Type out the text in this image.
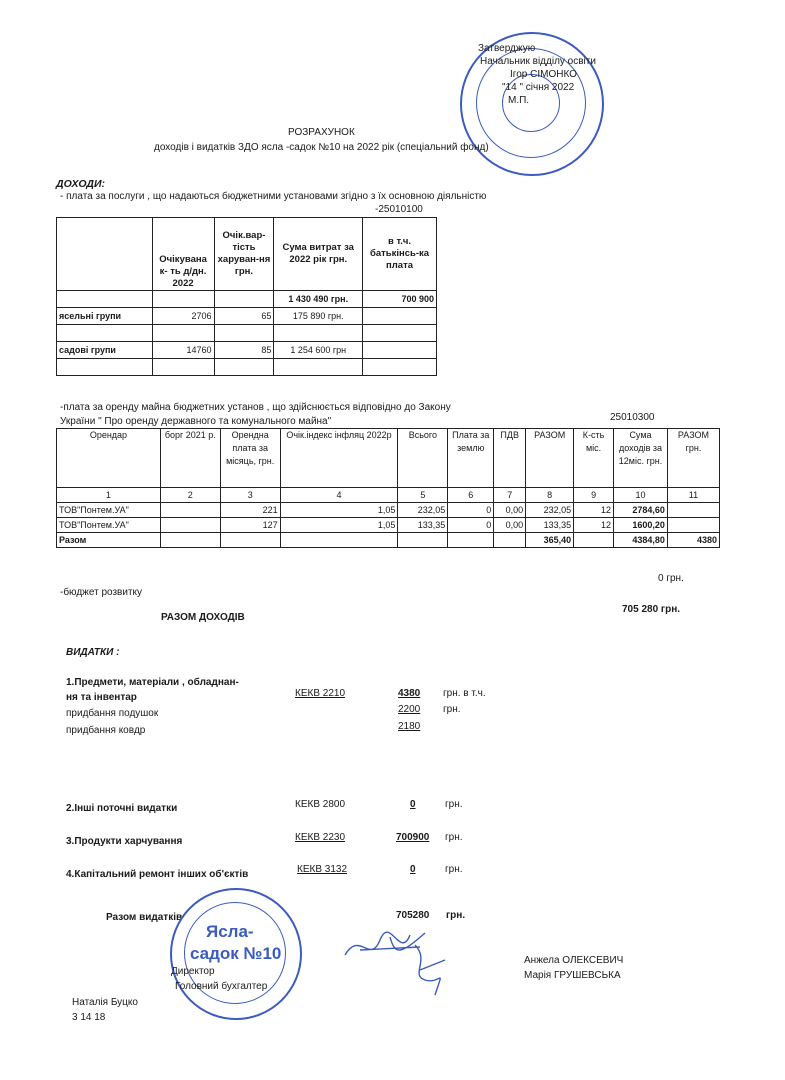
Затверджую
Начальник відділу освіти
Ігор СІМОНКО
"14 " січня 2022
М.П.
РОЗРАХУНОК
доходів і видатків ЗДО ясла -садок №10 на 2022 рік (спеціальний фонд)
ДОХОДИ:
- плата за послуги , що надаються бюджетними установами згідно з їх основною діяльністю
-25010100
	Очікувана к- ть д/дн. 2022	Очік.вар-тість харуван-ня грн.	Сума витрат за 2022 рік грн.	в т.ч. батькінсь-ка плата
			1 430 490 грн.	700 900
ясельні групи	2706	65	175 890 грн.	

садові групи	14760	85	1 254 600 грн	

-плата за оренду майна бюджетних установ , що здійснюється відповідно до Закону
України " Про оренду державного та комунального майна"	25010300
Орендар	борг 2021 р.	Орендна плата за місяць, грн.	Очік.індекс інфляц 2022р	Всього	Плата за землю	ПДВ	РАЗОМ	К-сть міс.	Сума доходів за 12міс. грн.	РАЗОМ грн.
1	2	3	4	5	6	7	8	9	10	11
ТОВ"Понтем.УА"		221	1,05	232,05	0	0,00	232,05	12	2784,60	
ТОВ"Понтем.УА"		127	1,05	133,35	0	0,00	133,35	12	1600,20	
Разом							365,40		4384,80	4380
-бюджет розвитку
0 грн.
РАЗОМ ДОХОДІВ
705 280 грн.
ВИДАТКИ :
1.Предмети, матеріали , обладнан-
ня та інвентар	КЕКВ 2210	4380 грн. в т.ч.
придбання подушок	2200 грн.
придбання ковдр	2180
2.Інші поточні видатки	КЕКВ 2800	0	грн.
3.Продукти харчування	КЕКВ 2230	700900 грн.
4.Капітальний ремонт інших об'єктів	КЕКВ 3132	0	грн.
Разом видатків	705280 грн.
Ясла-
садок №10
Директор
Головний бухгалтер
Анжела ОЛЕКСЕВИЧ
Марія ГРУШЕВСЬКА
Наталія Буцко
3 14 18
